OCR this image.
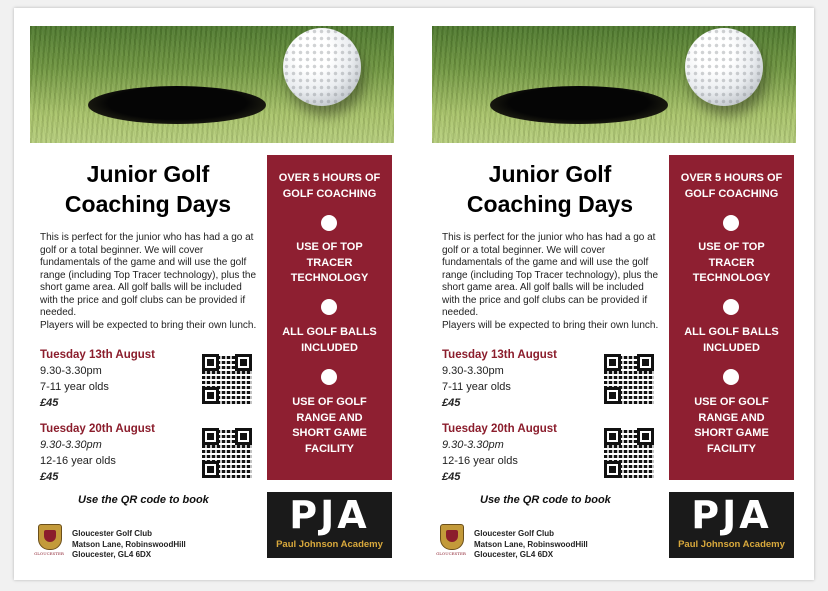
Junior Golf
Coaching Days
This is perfect for the junior who has had a go at golf or a total beginner. We will cover fundamentals of the game and will use the golf range (including Top Tracer technology), plus the short game area. All golf balls will be included with the price and golf clubs can be provided if needed.
Players will be expected to bring their own lunch.
Tuesday 13th August
9.30-3.30pm
7-11 year olds
£45
Tuesday 20th August
9.30-3.30pm
12-16 year olds
£45
Use the QR code to book
GLOUCESTER
Gloucester Golf Club
Matson Lane, RobinswoodHill
Gloucester, GL4 6DX
OVER 5 HOURS OF
GOLF COACHING
USE OF TOP
TRACER
TECHNOLOGY
ALL GOLF BALLS
INCLUDED
USE OF GOLF
RANGE AND
SHORT GAME
FACILITY
PJA
Paul Johnson Academy
Junior Golf
Coaching Days
This is perfect for the junior who has had a go at golf or a total beginner. We will cover fundamentals of the game and will use the golf range (including Top Tracer technology), plus the short game area. All golf balls will be included with the price and golf clubs can be provided if needed.
Players will be expected to bring their own lunch.
Tuesday 13th August
9.30-3.30pm
7-11 year olds
£45
Tuesday 20th August
9.30-3.30pm
12-16 year olds
£45
Use the QR code to book
GLOUCESTER
Gloucester Golf Club
Matson Lane, RobinswoodHill
Gloucester, GL4 6DX
OVER 5 HOURS OF
GOLF COACHING
USE OF TOP
TRACER
TECHNOLOGY
ALL GOLF BALLS
INCLUDED
USE OF GOLF
RANGE AND
SHORT GAME
FACILITY
PJA
Paul Johnson Academy
